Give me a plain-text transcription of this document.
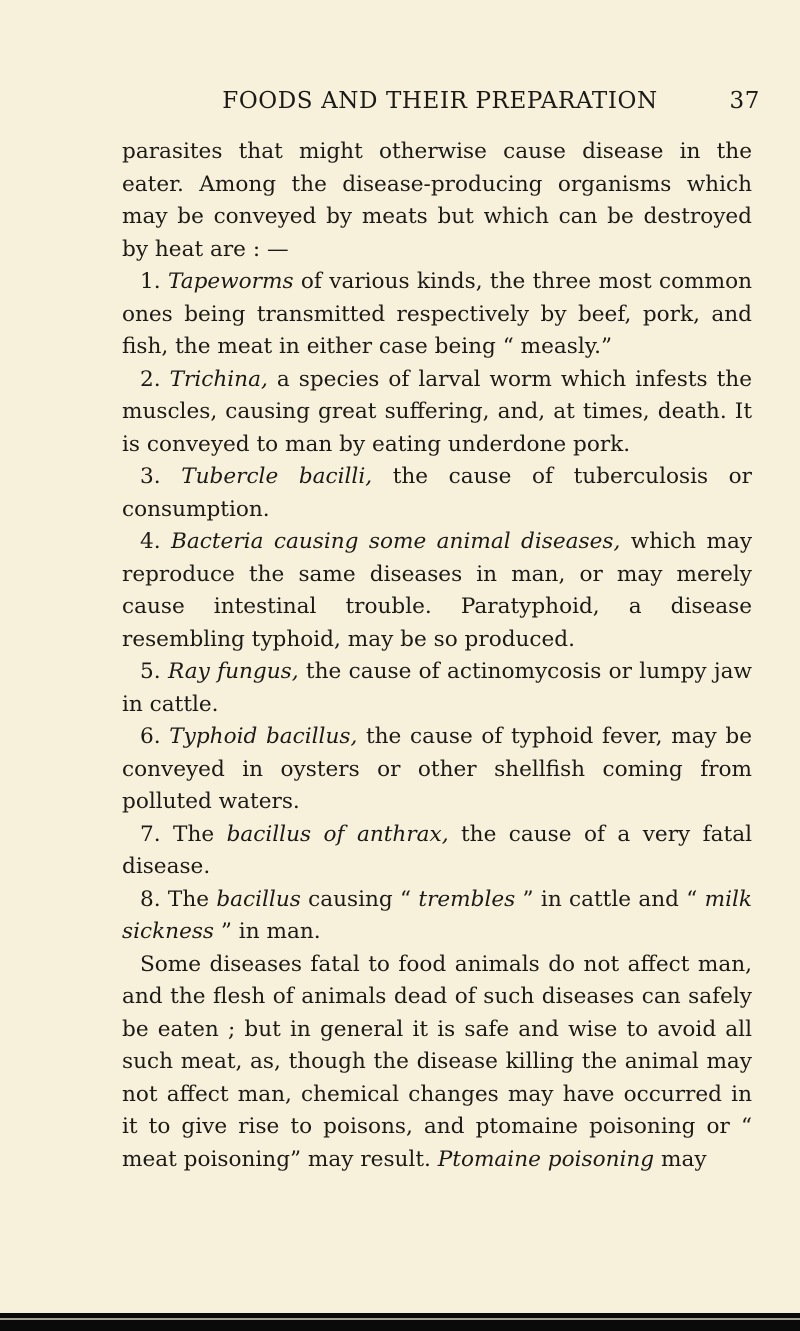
FOODS AND THEIR PREPARATION	37

parasites that might otherwise cause disease in the eater. Among the disease-producing organisms which may be conveyed by meats but which can be destroyed by heat are : —

1. Tapeworms of various kinds, the three most common ones being transmitted respectively by beef, pork, and fish, the meat in either case being “ measly.”

2. Trichina, a species of larval worm which infests the muscles, causing great suffering, and, at times, death. It is conveyed to man by eating underdone pork.

3. Tubercle bacilli, the cause of tuberculosis or consumption.

4. Bacteria causing some animal diseases, which may reproduce the same diseases in man, or may merely cause intestinal trouble. Paratyphoid, a disease resembling typhoid, may be so produced.

5. Ray fungus, the cause of actinomycosis or lumpy jaw in cattle.

6. Typhoid bacillus, the cause of typhoid fever, may be conveyed in oysters or other shellfish coming from polluted waters.

7. The bacillus of anthrax, the cause of a very fatal disease.

8. The bacillus causing “ trembles ” in cattle and “ milk sickness ” in man.

Some diseases fatal to food animals do not affect man, and the flesh of animals dead of such diseases can safely be eaten ; but in general it is safe and wise to avoid all such meat, as, though the disease killing the animal may not affect man, chemical changes may have occurred in it to give rise to poisons, and ptomaine poisoning or “ meat poisoning” may result. Ptomaine poisoning may
